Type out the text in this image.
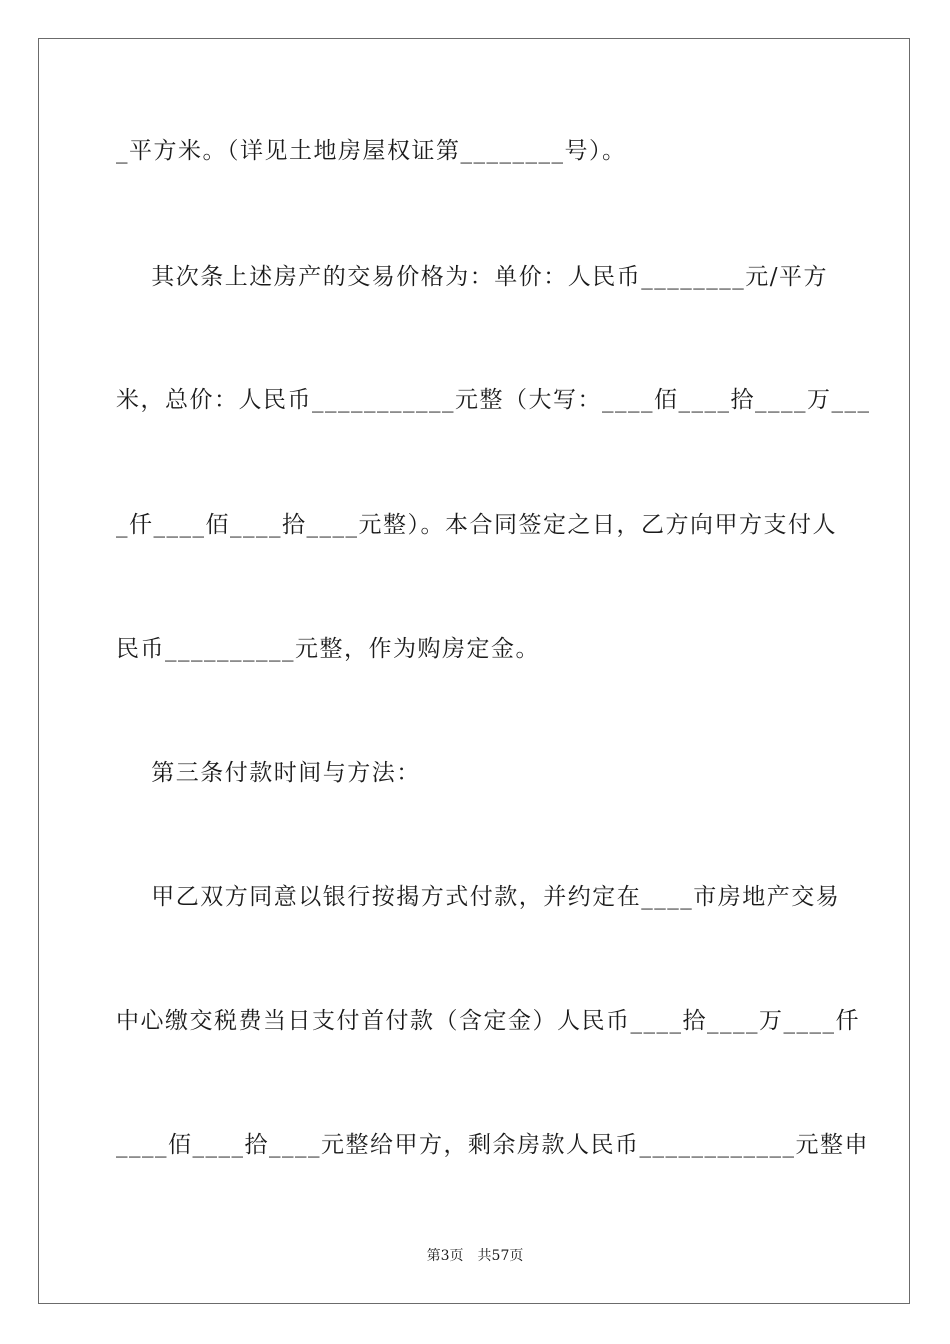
_平方米。（详见土地房屋权证第________号）。
其次条上述房产的交易价格为：单价：人民币________元/平方
米，总价：人民币___________元整（大写：____佰____拾____万___
_仟____佰____拾____元整）。本合同签定之日，乙方向甲方支付人
民币__________元整，作为购房定金。
第三条付款时间与方法：
甲乙双方同意以银行按揭方式付款，并约定在____市房地产交易
中心缴交税费当日支付首付款（含定金）人民币____拾____万____仟
____佰____拾____元整给甲方，剩余房款人民币____________元整申
第3页　共57页
